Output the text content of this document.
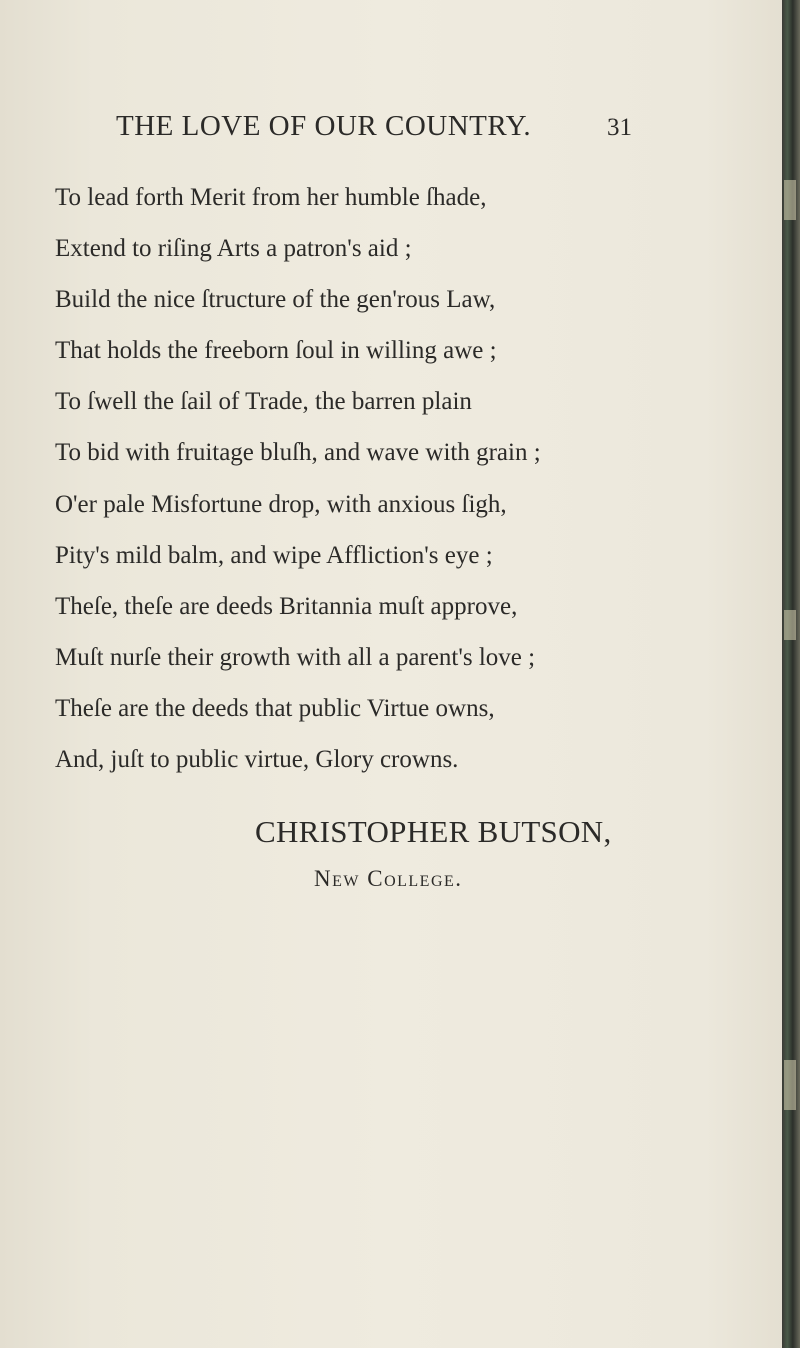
THE LOVE OF OUR COUNTRY.	31
To lead forth Merit from her humble ſhade,
Extend to riſing Arts a patron's aid ;
Build the nice ſtructure of the gen'rous Law,
That holds the freeborn ſoul in willing awe ;
To ſwell the ſail of Trade, the barren plain
To bid with fruitage bluſh, and wave with grain ;
O'er pale Misfortune drop, with anxious ſigh,
Pity's mild balm, and wipe Affliction's eye ;
Theſe, theſe are deeds Britannia muſt approve,
Muſt nurſe their growth with all a parent's love ;
Theſe are the deeds that public Virtue owns,
And, juſt to public virtue, Glory crowns.
CHRISTOPHER BUTSON,
New College.
